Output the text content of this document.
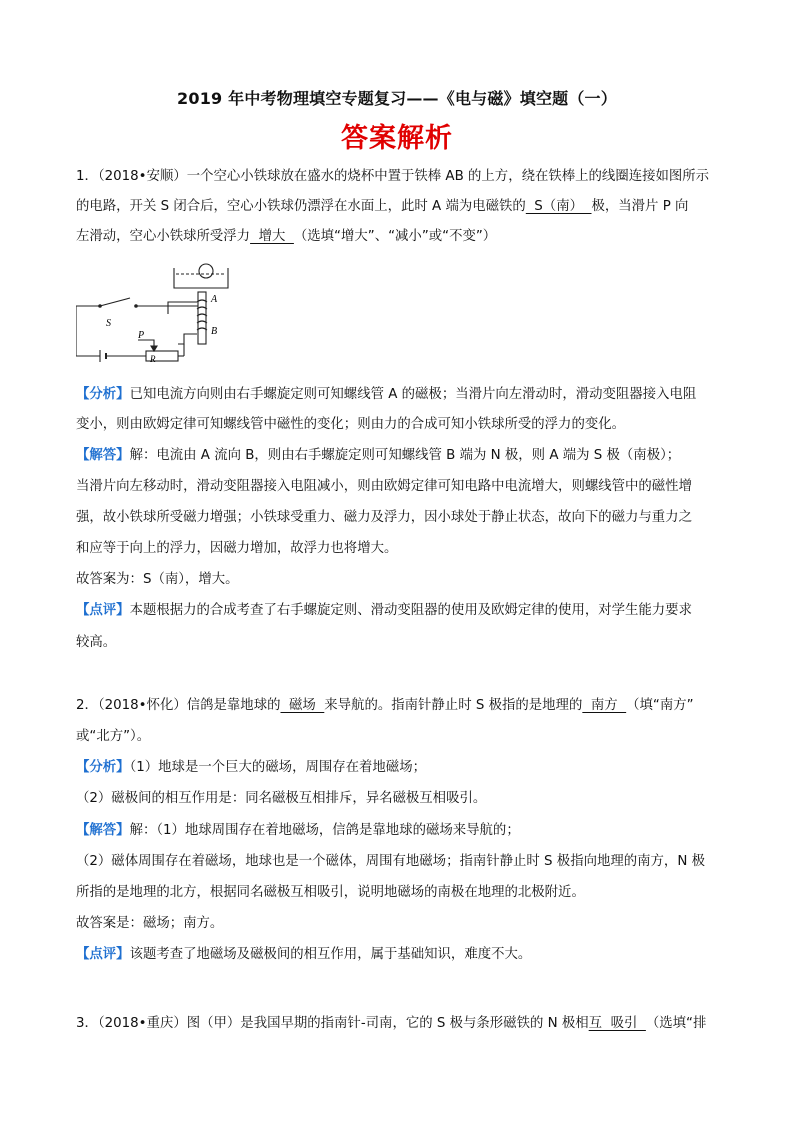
2019 年中考物理填空专题复习——《电与磁》填空题（一）
答案解析
1．（2018•安顺）一个空心小铁球放在盛水的烧杯中置于铁棒 AB 的上方，绕在铁棒上的线圈连接如图所示
的电路，开关 S 闭合后，空心小铁球仍漂浮在水面上，此时 A 端为电磁铁的  S（南）  极，当滑片 P 向
左滑动，空心小铁球所受浮力  增大  （选填“增大”、“减小”或“不变”）
S
A
B
P
R
【分析】已知电流方向则由右手螺旋定则可知螺线管 A 的磁极；当滑片向左滑动时，滑动变阻器接入电阻
变小，则由欧姆定律可知螺线管中磁性的变化；则由力的合成可知小铁球所受的浮力的变化。
【解答】解：电流由 A 流向 B，则由右手螺旋定则可知螺线管 B 端为 N 极，则 A 端为 S 极（南极）；
当滑片向左移动时，滑动变阻器接入电阻减小，则由欧姆定律可知电路中电流增大，则螺线管中的磁性增
强，故小铁球所受磁力增强；小铁球受重力、磁力及浮力，因小球处于静止状态，故向下的磁力与重力之
和应等于向上的浮力，因磁力增加，故浮力也将增大。
故答案为：S（南），增大。
【点评】本题根据力的合成考查了右手螺旋定则、滑动变阻器的使用及欧姆定律的使用，对学生能力要求
较高。
2．（2018•怀化）信鸽是靠地球的  磁场  来导航的。指南针静止时 S 极指的是地理的  南方  （填“南方”
或“北方”）。
【分析】（1）地球是一个巨大的磁场，周围存在着地磁场；
（2）磁极间的相互作用是：同名磁极互相排斥，异名磁极互相吸引。
【解答】解：（1）地球周围存在着地磁场，信鸽是靠地球的磁场来导航的；
（2）磁体周围存在着磁场，地球也是一个磁体，周围有地磁场；指南针静止时 S 极指向地理的南方，N 极
所指的是地理的北方，根据同名磁极互相吸引，说明地磁场的南极在地理的北极附近。
故答案是：磁场；南方。
【点评】该题考查了地磁场及磁极间的相互作用，属于基础知识，难度不大。
3．（2018•重庆）图（甲）是我国早期的指南针-司南，它的 S 极与条形磁铁的 N 极相互  吸引  （选填“排
